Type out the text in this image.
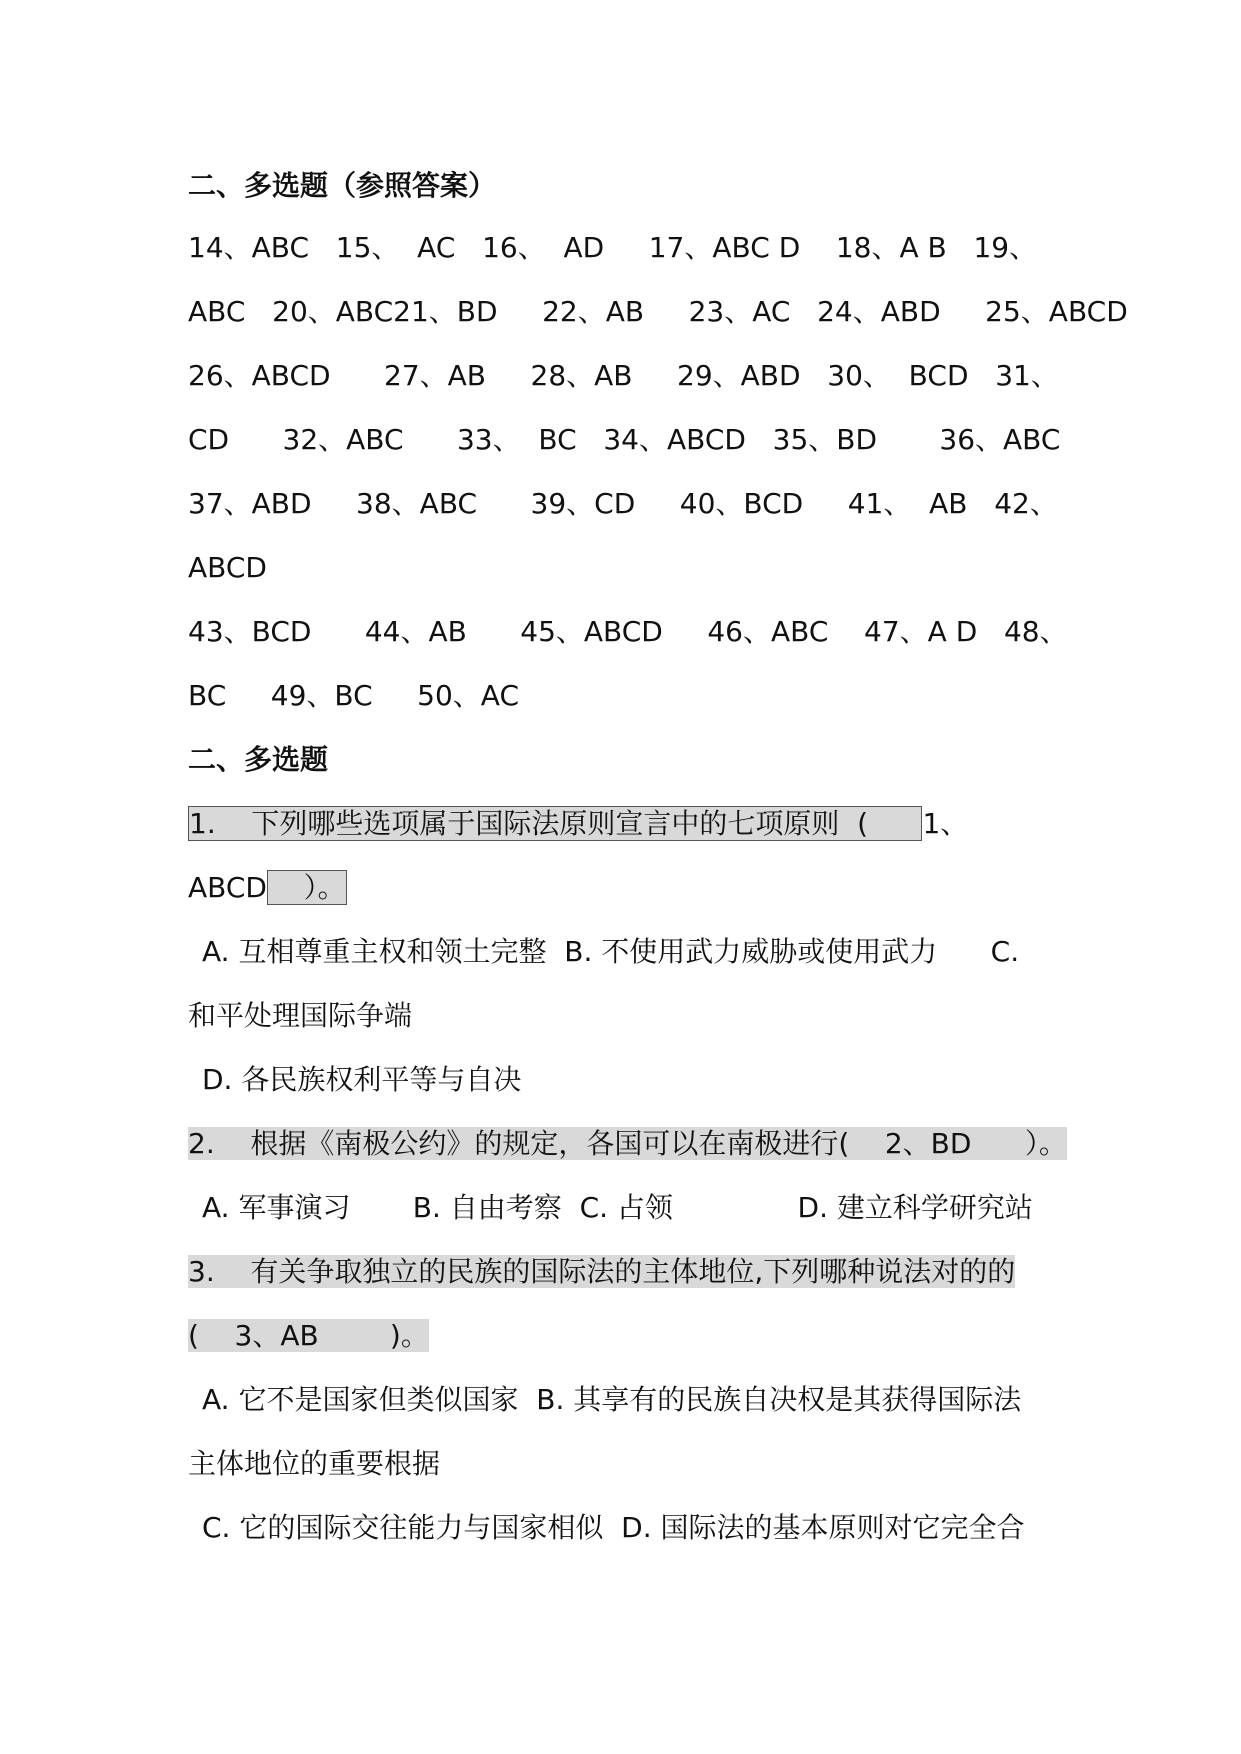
二、多选题（参照答案）
14、ABC   15、  AC   16、  AD     17、ABC D    18、A B   19、
ABC   20、ABC21、BD     22、AB     23、AC   24、ABD     25、ABCD
26、ABCD      27、AB     28、AB     29、ABD   30、  BCD   31、
CD      32、ABC      33、  BC   34、ABCD   35、BD       36、ABC
37、ABD     38、ABC      39、CD     40、BCD     41、  AB   42、
ABCD
43、BCD      44、AB      45、ABCD     46、ABC    47、A D   48、
BC     49、BC     50、AC
二、多选题
1.    下列哪些选项属于国际法原则宣言中的七项原则  (      1、
ABCD    ）。
A. 互相尊重主权和领土完整  B. 不使用武力威胁或使用武力      C.
和平处理国际争端
D. 各民族权利平等与自决
2.    根据《南极公约》的规定，各国可以在南极进行(    2、BD      ）。
A. 军事演习       B. 自由考察  C. 占领              D. 建立科学研究站
3.    有关争取独立的民族的国际法的主体地位,下列哪种说法对的的
(    3、AB        )。
A. 它不是国家但类似国家  B. 其享有的民族自决权是其获得国际法
主体地位的重要根据
C. 它的国际交往能力与国家相似  D. 国际法的基本原则对它完全合
